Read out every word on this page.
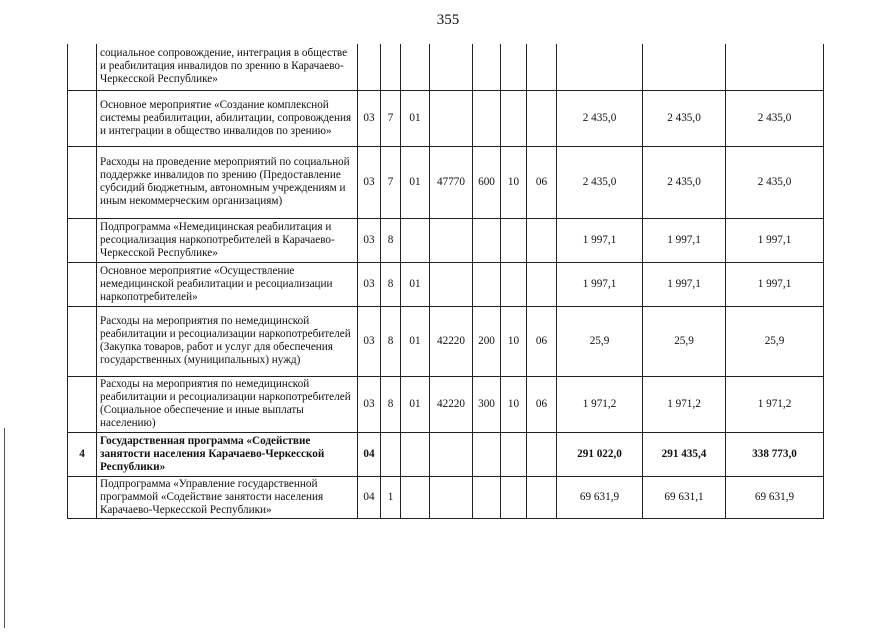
355
	социальное сопровождение, интеграция в обществе и реабилитация инвалидов по зрению в Карачаево-Черкесской Республике»										
	Основное мероприятие «Создание комплексной системы реабилитации, абилитации, сопровождения и интеграции в общество инвалидов по зрению»	03	7	01					2 435,0	2 435,0	2 435,0
	Расходы на проведение мероприятий по социальной поддержке инвалидов по зрению (Предоставление субсидий бюджетным, автономным учреждениям и иным некоммерческим организациям)	03	7	01	47770	600	10	06	2 435,0	2 435,0	2 435,0
	Подпрограмма «Немедицинская реабилитация и ресоциализация наркопотребителей в Карачаево-Черкесской Республике»	03	8						1 997,1	1 997,1	1 997,1
	Основное мероприятие «Осуществление немедицинской реабилитации и ресоциализации наркопотребителей»	03	8	01					1 997,1	1 997,1	1 997,1
	Расходы на мероприятия по немедицинской реабилитации и ресоциализации наркопотребителей (Закупка товаров, работ и услуг для обеспечения государственных (муниципальных) нужд)	03	8	01	42220	200	10	06	25,9	25,9	25,9
	Расходы на мероприятия по немедицинской реабилитации и ресоциализации наркопотребителей (Социальное обеспечение и иные выплаты населению)	03	8	01	42220	300	10	06	1 971,2	1 971,2	1 971,2
4	Государственная программа «Содействие занятости населения Карачаево-Черкесской Республики»	04							291 022,0	291 435,4	338 773,0
	Подпрограмма «Управление государственной программой «Содействие занятости населения Карачаево-Черкесской Республики»	04	1						69 631,9	69 631,1	69 631,9
